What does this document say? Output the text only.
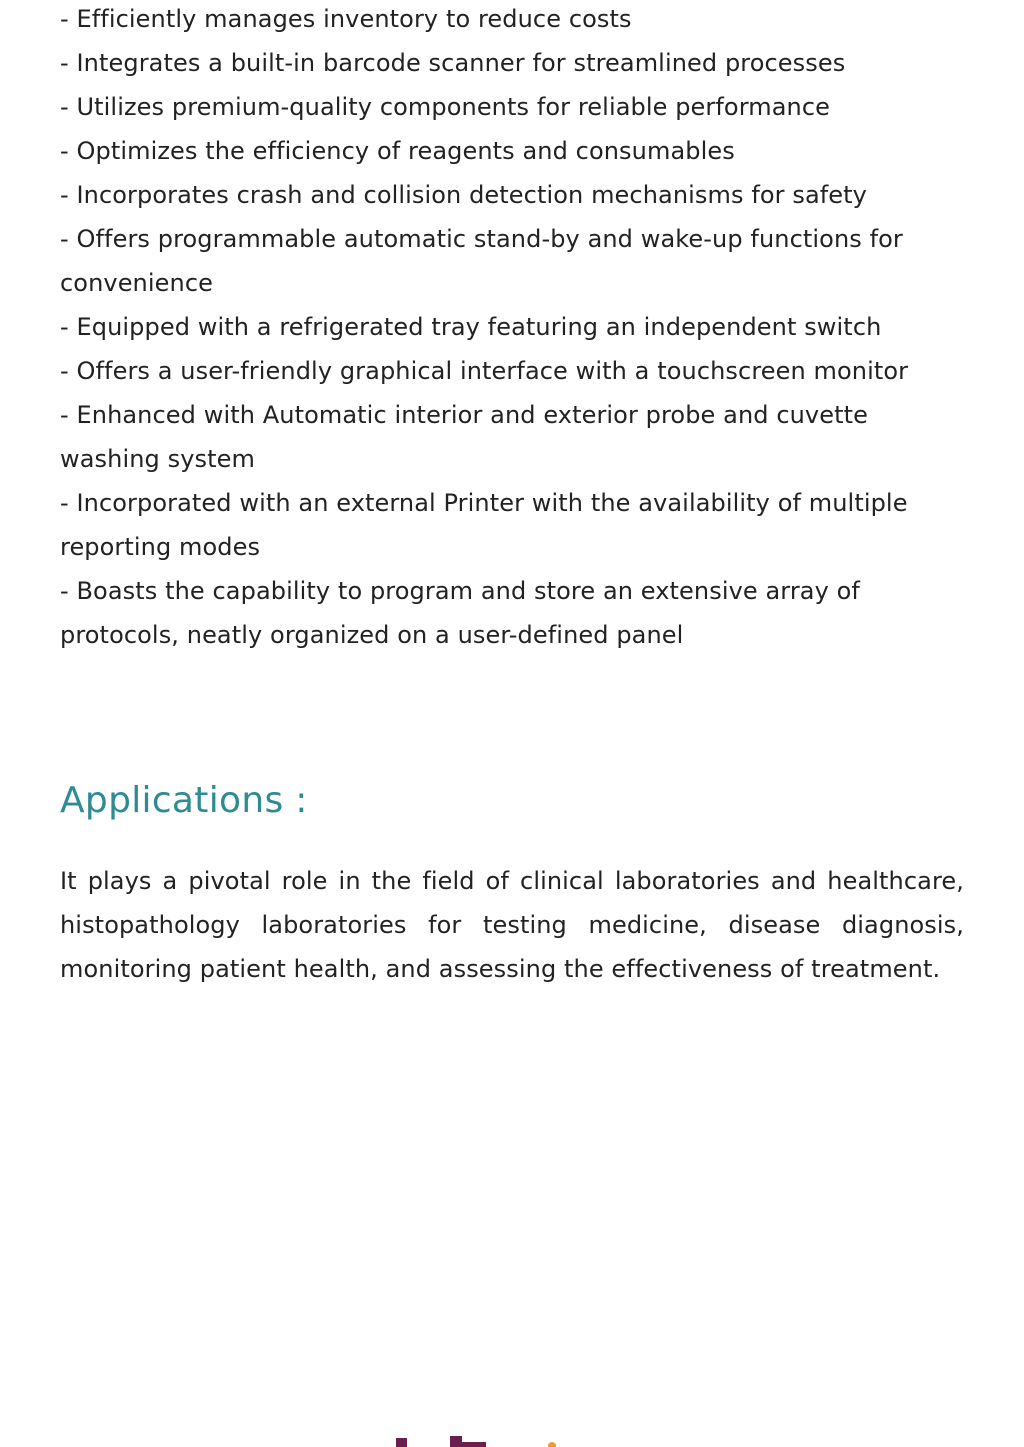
- Efficiently manages inventory to reduce costs
- Integrates a built-in barcode scanner for streamlined processes
- Utilizes premium-quality components for reliable performance
- Optimizes the efficiency of reagents and consumables
- Incorporates crash and collision detection mechanisms for safety
- Offers programmable automatic stand-by and wake-up functions for convenience
- Equipped with a refrigerated tray featuring an independent switch
- Offers a user-friendly graphical interface with a touchscreen monitor
- Enhanced with Automatic interior and exterior probe and cuvette washing system
- Incorporated with an external Printer with the availability of multiple reporting modes
- Boasts the capability to program and store an extensive array of protocols, neatly organized on a user-defined panel
Applications :

It plays a pivotal role in the field of clinical laboratories and healthcare, histopathology laboratories for testing medicine, disease diagnosis, monitoring patient health, and assessing the effectiveness of treatment.
